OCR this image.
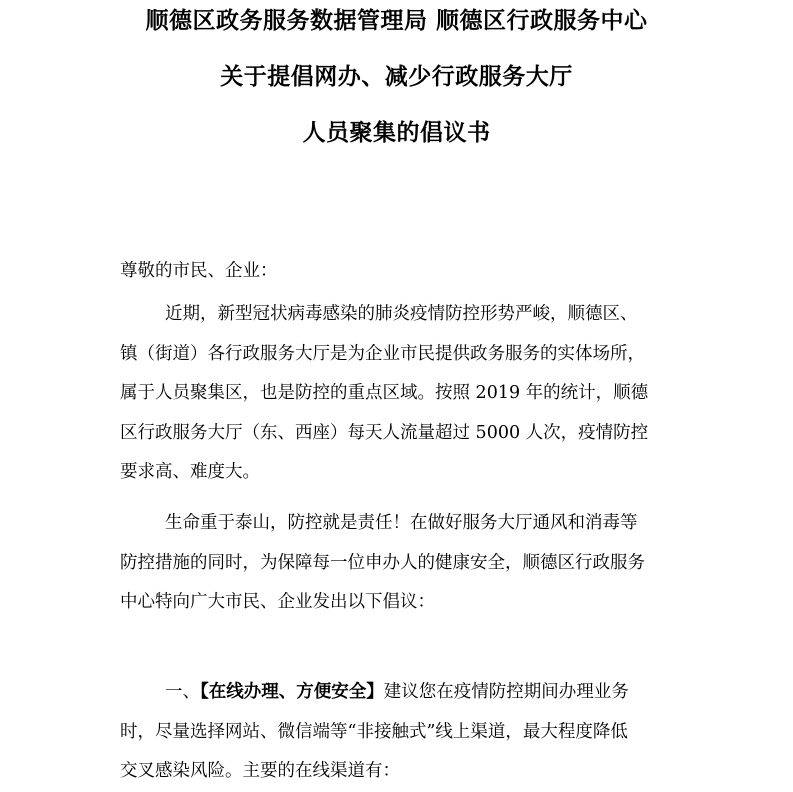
顺德区政务服务数据管理局 顺德区行政服务中心
关于提倡网办、减少行政服务大厅
人员聚集的倡议书
尊敬的市民、企业：
近期，新型冠状病毒感染的肺炎疫情防控形势严峻，顺德区、
镇（街道）各行政服务大厅是为企业市民提供政务服务的实体场所，
属于人员聚集区，也是防控的重点区域。按照 2019 年的统计，顺德
区行政服务大厅（东、西座）每天人流量超过 5000 人次，疫情防控
要求高、难度大。
生命重于泰山，防控就是责任！在做好服务大厅通风和消毒等
防控措施的同时，为保障每一位申办人的健康安全，顺德区行政服务
中心特向广大市民、企业发出以下倡议：
一、【在线办理、方便安全】建议您在疫情防控期间办理业务
时，尽量选择网站、微信端等“非接触式”线上渠道，最大程度降低
交叉感染风险。主要的在线渠道有：
